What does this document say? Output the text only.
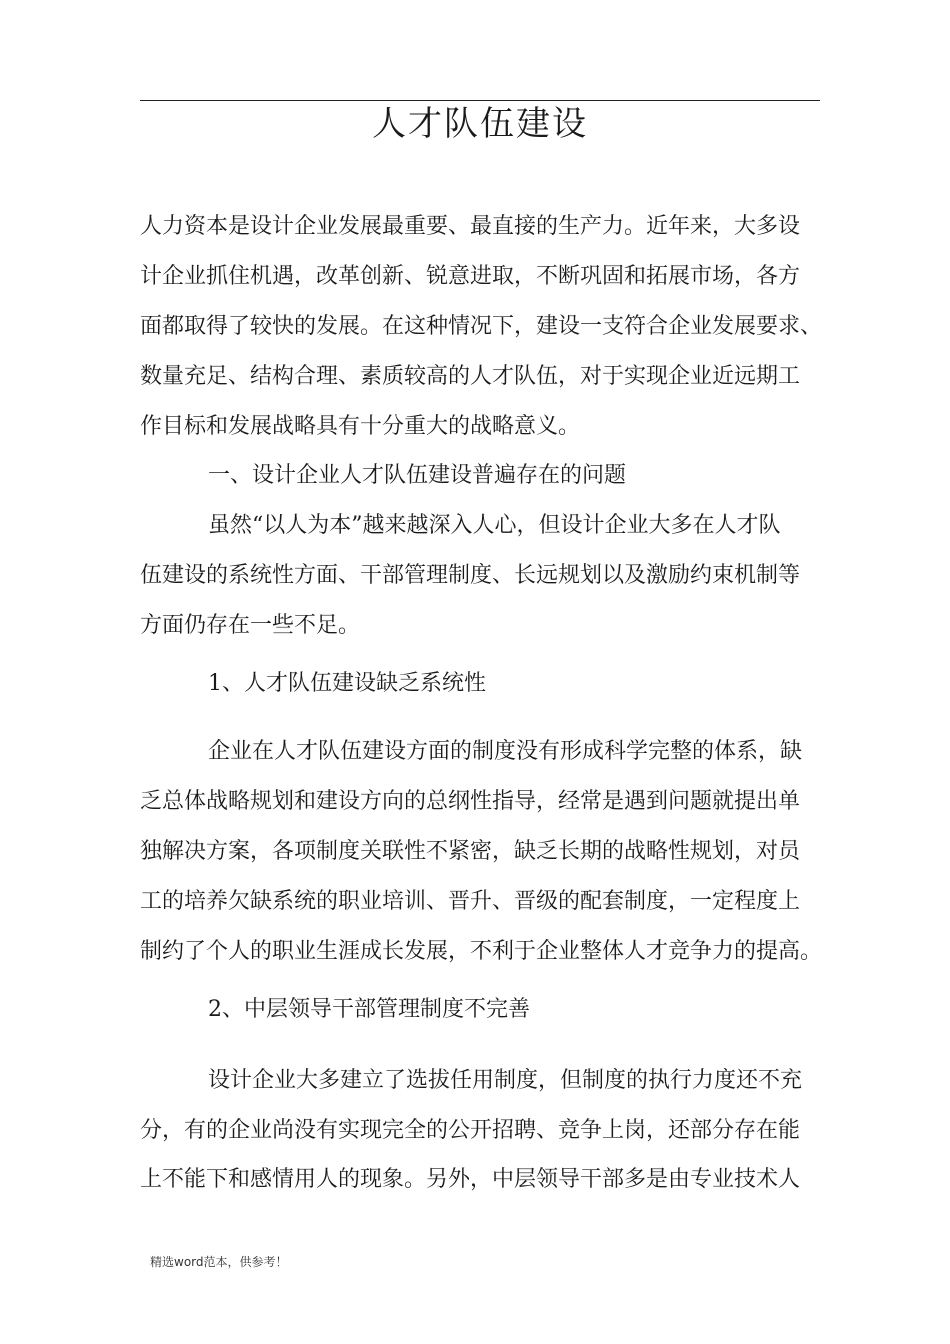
人才队伍建设
人力资本是设计企业发展最重要、最直接的生产力。近年来，大多设
计企业抓住机遇，改革创新、锐意进取，不断巩固和拓展市场，各方
面都取得了较快的发展。在这种情况下，建设一支符合企业发展要求、
数量充足、结构合理、素质较高的人才队伍，对于实现企业近远期工
作目标和发展战略具有十分重大的战略意义。
一、设计企业人才队伍建设普遍存在的问题
虽然“以人为本”越来越深入人心，但设计企业大多在人才队
伍建设的系统性方面、干部管理制度、长远规划以及激励约束机制等
方面仍存在一些不足。
1、人才队伍建设缺乏系统性
企业在人才队伍建设方面的制度没有形成科学完整的体系，缺
乏总体战略规划和建设方向的总纲性指导，经常是遇到问题就提出单
独解决方案，各项制度关联性不紧密，缺乏长期的战略性规划，对员
工的培养欠缺系统的职业培训、晋升、晋级的配套制度，一定程度上
制约了个人的职业生涯成长发展，不利于企业整体人才竞争力的提高。
2、中层领导干部管理制度不完善
设计企业大多建立了选拔任用制度，但制度的执行力度还不充
分，有的企业尚没有实现完全的公开招聘、竞争上岗，还部分存在能
上不能下和感情用人的现象。另外，中层领导干部多是由专业技术人
精选word范本，供参考！
